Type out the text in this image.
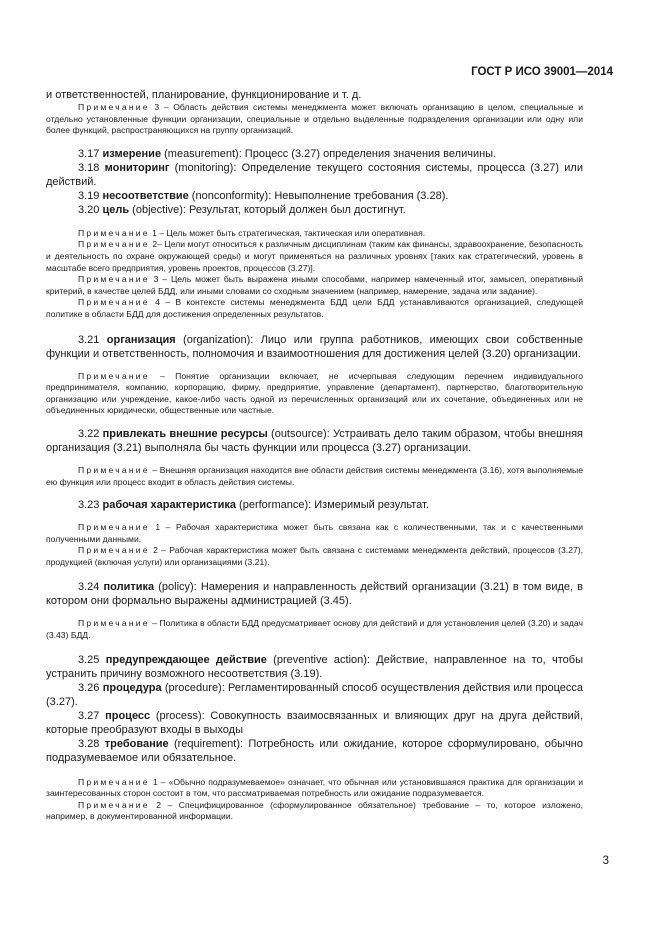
ГОСТ Р ИСО 39001—2014

и ответственностей, планирование, функционирование и т. д.

Примечание 3 – Область действия системы менеджмента может включать организацию в целом, специальные и отдельно установленные функции организации, специальные и отдельно выделенные подразделения организации или одну или более функций, распространяющихся на группу организаций.

3.17 измерение (measurement): Процесс (3.27) определения значения величины.

3.18 мониторинг (monitoring): Определение текущего состояния системы, процесса (3.27) или действий.

3.19 несоответствие (nonconformity): Невыполнение требования (3.28).

3.20 цель (objective): Результат, который должен был достигнут.

Примечание 1 – Цель может быть стратегическая, тактическая или оперативная.

Примечание 2– Цели могут относиться к различным дисциплинам (таким как финансы, здравоохранение, безопасность и деятельность по охране окружающей среды) и могут применяться на различных уровнях [таких как стратегический, уровень в масштабе всего предприятия, уровень проектов, процессов (3.27)].

Примечание 3 – Цель может быть выражена иными способами, например намеченный итог, замысел, оперативный критерий, в качестве целей БДД, или иными словами со сходным значением (например, намерение, задача или задание).

Примечание 4 – В контексте системы менеджмента БДД цели БДД устанавливаются организацией, следующей политике в области БДД для достижения определенных результатов.

3.21 организация (organization): Лицо или группа работников, имеющих свои собственные функции и ответственность, полномочия и взаимоотношения для достижения целей (3.20) организации.

Примечание – Понятие организации включает, не исчерпывая следующим перечнем индивидуального предпринимателя, компанию, корпорацию, фирму, предприятие, управление (департамент), партнерство, благотворительную организацию или учреждение, какое-либо часть одной из перечисленных организаций или их сочетание, объединенных или не объединенных юридически, общественные или частные.

3.22 привлекать внешние ресурсы (outsource): Устраивать дело таким образом, чтобы внешняя организация (3.21) выполняла бы часть функции или процесса (3.27) организации.

Примечание – Внешняя организация находится вне области действия системы менеджмента (3.16), хотя выполняемые ею функция или процесс входит в область действия системы.

3.23 рабочая характеристика (performance): Измеримый результат.

Примечание 1 – Рабочая характеристика может быть связана как с количественными, так и с качественными полученными данными.

Примечание 2 – Рабочая характеристика может быть связана с системами менеджмента действий, процессов (3.27), продукцией (включая услуги) или организациями (3.21).

3.24 политика (policy): Намерения и направленность действий организации (3.21) в том виде, в котором они формально выражены администрацией (3.45).

Примечание – Политика в области БДД предусматривает основу для действий и для установления целей (3.20) и задач (3.43) БДД.

3.25 предупреждающее действие (preventive action): Действие, направленное на то, чтобы устранить причину возможного несоответствия (3.19).

3.26 процедура (procedure): Регламентированный способ осуществления действия или процесса (3.27).

3.27 процесс (process): Совокупность взаимосвязанных и влияющих друг на друга действий, которые преобразуют входы в выходы

3.28 требование (requirement): Потребность или ожидание, которое сформулировано, обычно подразумеваемое или обязательное.

Примечание 1 – «Обычно подразумеваемое» означает, что обычная или установившаяся практика для организации и заинтересованных сторон состоит в том, что рассматриваемая потребность или ожидание подразумевается.

Примечание 2 – Специфицированное (сформулированное обязательное) требование – то, которое изложено, например, в документированной информации.

3
